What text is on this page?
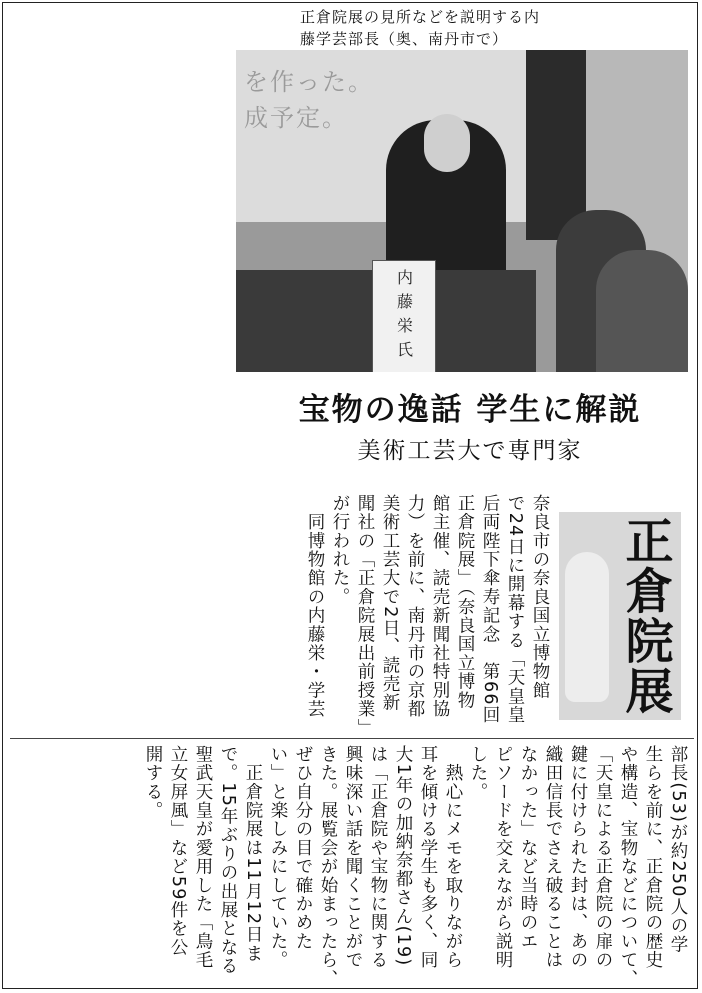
正倉院展の見所などを説明する内
藤学芸部長（奥、南丹市で）
を作った。
成予定。
内藤栄氏
宝物の逸話 学生に解説
美術工芸大で専門家
正倉院展
奈良市の奈良国立博物館
で24日に開幕する「天皇皇
后両陛下傘寿記念　第66回
正倉院展」（奈良国立博物
館主催、読売新聞社特別協
力）を前に、南丹市の京都
美術工芸大で2日、読売新
聞社の「正倉院展出前授業」
が行われた。
　同博物館の内藤栄・学芸
部長(53)が約250人の学
生らを前に、正倉院の歴史
や構造、宝物などについて、
「天皇による正倉院の扉の
鍵に付けられた封は、あの
織田信長でさえ破ることは
なかった」など当時のエ
ピソードを交えながら説明
した。
　熱心にメモを取りながら
耳を傾ける学生も多く、同
大1年の加納奈都さん(19)
は「正倉院や宝物に関する
興味深い話を聞くことがで
きた。展覧会が始まったら、
ぜひ自分の目で確かめた
い」と楽しみにしていた。
　正倉院展は11月12日ま
で。15年ぶりの出展となる
聖武天皇が愛用した「鳥毛
立女屏風」など59件を公
開する。
